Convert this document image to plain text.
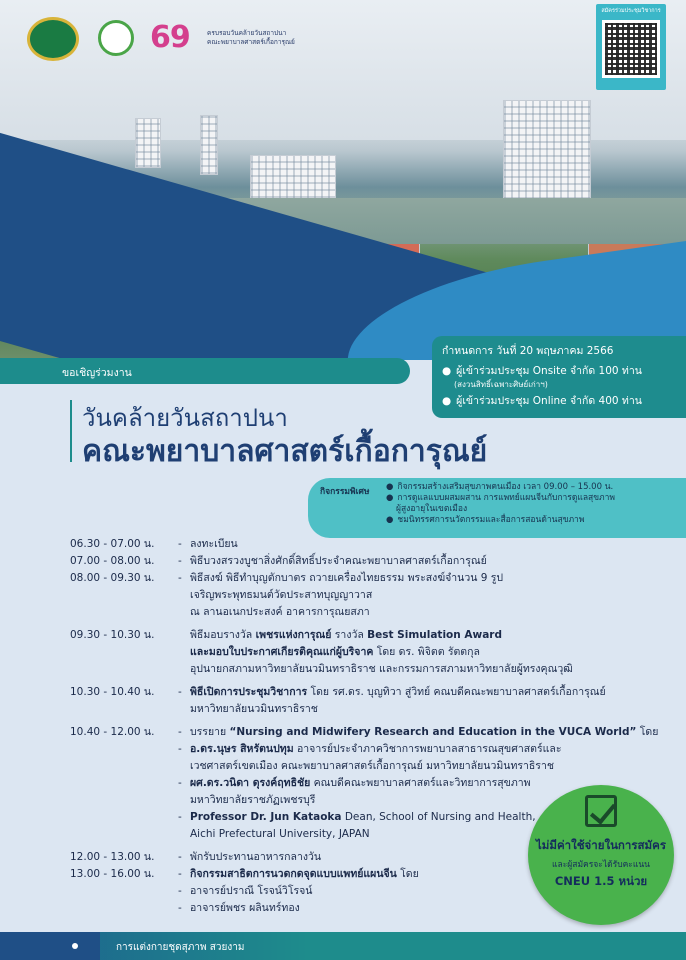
69	ครบรอบวันคล้ายวันสถาปนา
คณะพยาบาลศาสตร์เกื้อการุณย์
สมัครร่วมประชุมวิชาการ
กำหนดการ วันที่ 20 พฤษภาคม 2566
● ผู้เข้าร่วมประชุม Onsite จำกัด 100 ท่าน
(สงวนสิทธิ์เฉพาะศิษย์เก่าฯ)
● ผู้เข้าร่วมประชุม Online จำกัด 400 ท่าน
ขอเชิญร่วมงาน
วันคล้ายวันสถาปนา
คณะพยาบาลศาสตร์เกื้อการุณย์
กิจกรรมพิเศษ	● กิจกรรมสร้างเสริมสุขภาพคนเมือง เวลา 09.00 – 15.00 น.
● การดูแลแบบผสมผสาน การแพทย์แผนจีนกับการดูแลสุขภาพ
ผู้สูงอายุในเขตเมือง
● ชมนิทรรศการนวัตกรรมและสื่อการสอนด้านสุขภาพ
06.30 - 07.00 น.	- ลงทะเบียน
07.00 - 08.00 น.	- พิธีบวงสรวงบูชาสิ่งศักดิ์สิทธิ์ประจำคณะพยาบาลศาสตร์เกื้อการุณย์
08.00 - 09.30 น.	- พิธีสงฆ์ พิธีทำบุญตักบาตร ถวายเครื่องไทยธรรม พระสงฆ์จำนวน 9 รูป
เจริญพระพุทธมนต์วัดประสาทบุญญาวาส
ณ ลานอเนกประสงค์ อาคารการุณยสภา
09.30 - 10.30 น.	พิธีมอบรางวัล เพชรแห่งการุณย์ รางวัล Best Simulation Award
และมอบใบประกาศเกียรติคุณแก่ผู้บริจาค โดย ดร. พิจิตต รัตตกุล
อุปนายกสภามหาวิทยาลัยนวมินทราธิราช และกรรมการสภามหาวิทยาลัยผู้ทรงคุณวุฒิ
10.30 - 10.40 น.	- พิธีเปิดการประชุมวิชาการ โดย รศ.ดร. บุญทิวา สู่วิทย์ คณบดีคณะพยาบาลศาสตร์เกื้อการุณย์
มหาวิทยาลัยนวมินทราธิราช
10.40 - 12.00 น.	- บรรยาย “Nursing and Midwifery Research and Education in the VUCA World” โดย
- อ.ดร.นุษร สิหรัตนปทุม อาจารย์ประจำภาควิชาการพยาบาลสาธารณสุขศาสตร์และ
เวชศาสตร์เขตเมือง คณะพยาบาลศาสตร์เกื้อการุณย์ มหาวิทยาลัยนวมินทราธิราช
- ผศ.ดร.วนิดา ดุรงค์ฤทธิชัย คณบดีคณะพยาบาลศาสตร์และวิทยาการสุขภาพ
มหาวิทยาลัยราชภัฏเพชรบุรี
- Professor Dr. Jun Kataoka Dean, School of Nursing and Health,
Aichi Prefectural University, JAPAN
12.00 - 13.00 น.	- พักรับประทานอาหารกลางวัน
13.00 - 16.00 น.	- กิจกรรมสาธิตการนวดกดจุดแบบแพทย์แผนจีน โดย
- อาจารย์ปราณี โรจน์วิโรจน์
- อาจารย์พชร ผลินทร์ทอง
ไม่มีค่าใช้จ่ายในการสมัคร
และผู้สมัครจะได้รับคะแนน
CNEU 1.5 หน่วย
การแต่งกายชุดสุภาพ สวยงาม
